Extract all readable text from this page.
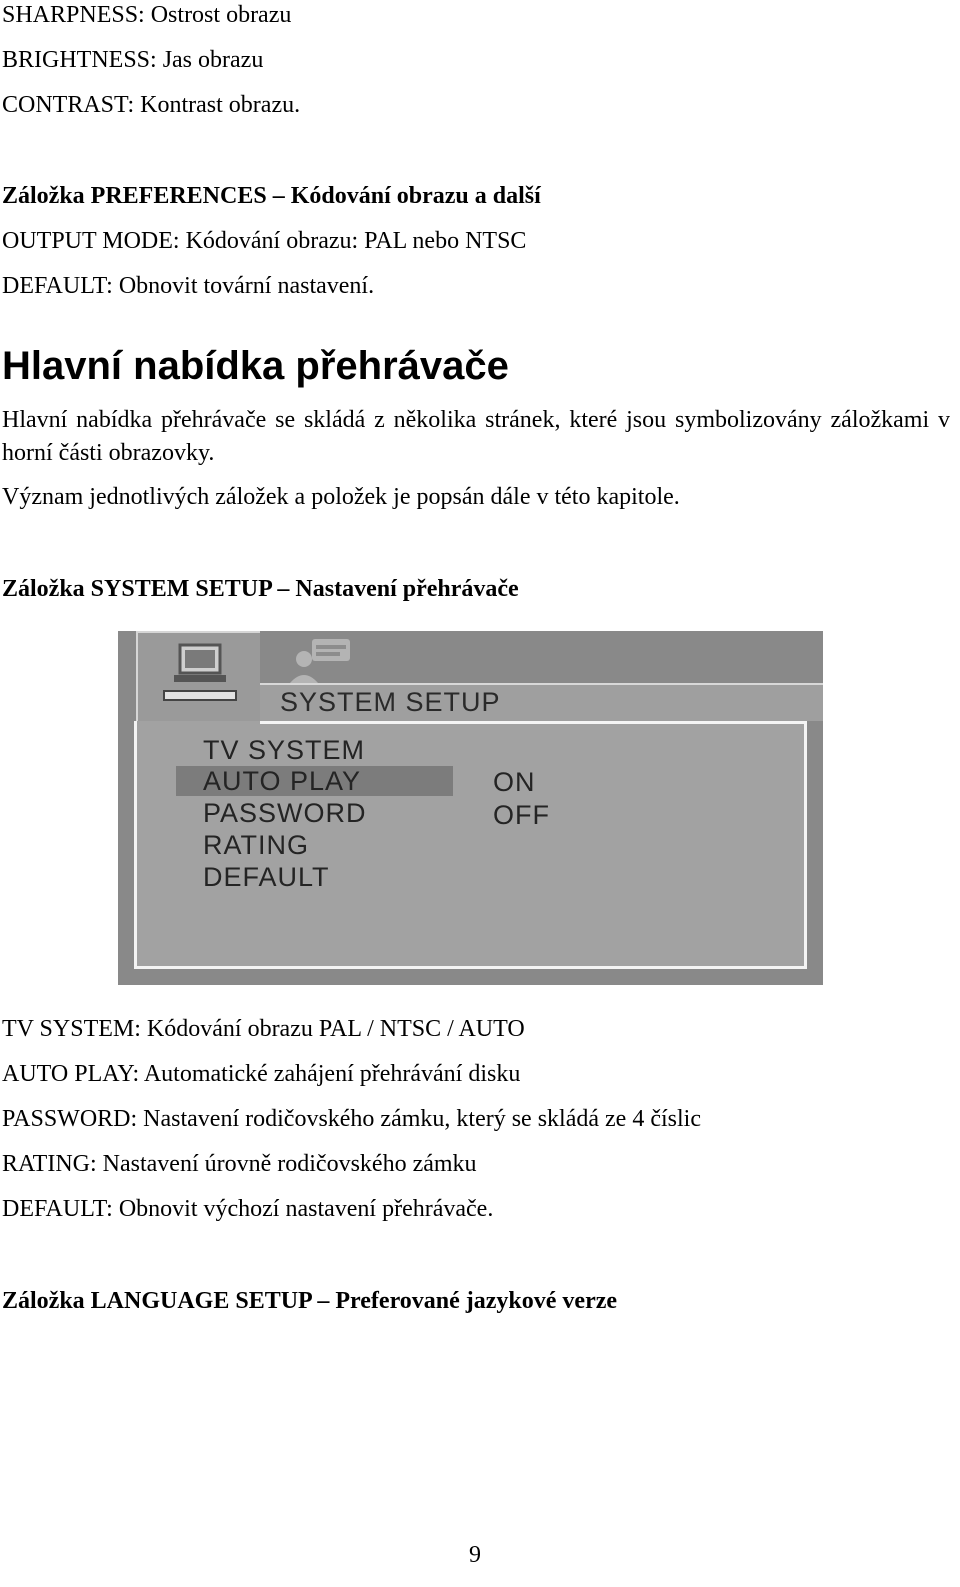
SHARPNESS: Ostrost obrazu
BRIGHTNESS: Jas obrazu
CONTRAST: Kontrast obrazu.
Záložka PREFERENCES – Kódování obrazu a další
OUTPUT MODE: Kódování obrazu: PAL nebo NTSC
DEFAULT: Obnovit tovární nastavení.
Hlavní nabídka přehrávače
Hlavní nabídka přehrávače se skládá z několika stránek, které jsou symbolizovány záložkami v horní části obrazovky.
Význam jednotlivých záložek a položek je popsán dále v této kapitole.
Záložka SYSTEM SETUP – Nastavení přehrávače
SYSTEM SETUP
TV SYSTEM
AUTO PLAY
PASSWORD
RATING
DEFAULT
ON
OFF
TV SYSTEM: Kódování obrazu PAL / NTSC / AUTO
AUTO PLAY: Automatické zahájení přehrávání disku
PASSWORD: Nastavení rodičovského zámku, který se skládá ze 4 číslic
RATING: Nastavení úrovně rodičovského zámku
DEFAULT: Obnovit výchozí nastavení přehrávače.
Záložka LANGUAGE SETUP – Preferované jazykové verze
9
